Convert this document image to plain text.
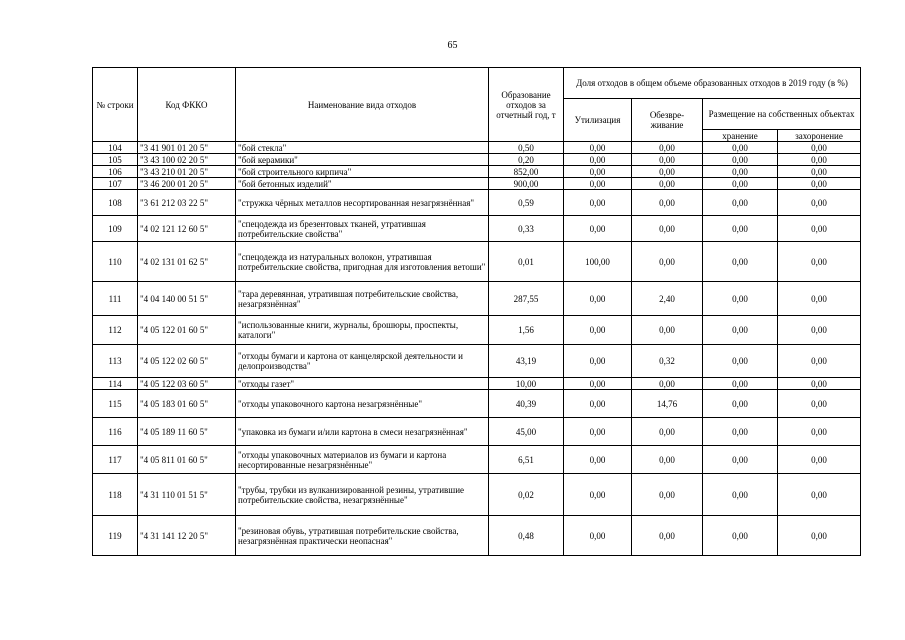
65
№ строки	Код ФККО	Наименование вида отходов	Образование отходов за отчетный год, т	Доля отходов в общем объеме образованных отходов в 2019 году (в %)			
				Утилизация	Обезвре-живание	Размещение на собственных объектах	
						хранение	захоронение
104	"3 41 901 01 20 5"	"бой стекла"	0,50	0,00	0,00	0,00	0,00
105	"3 43 100 02 20 5"	"бой керамики"	0,20	0,00	0,00	0,00	0,00
106	"3 43 210 01 20 5"	"бой строительного кирпича"	852,00	0,00	0,00	0,00	0,00
107	"3 46 200 01 20 5"	"бой бетонных изделий"	900,00	0,00	0,00	0,00	0,00
108	"3 61 212 03 22 5"	"стружка чёрных металлов несортированная незагрязнённая"	0,59	0,00	0,00	0,00	0,00
109	"4 02 121 12 60 5"	"спецодежда из брезентовых тканей, утратившая потребительские свойства"	0,33	0,00	0,00	0,00	0,00
110	"4 02 131 01 62 5"	"спецодежда из натуральных волокон, утратившая потребительские свойства, пригодная для изготовления ветоши"	0,01	100,00	0,00	0,00	0,00
111	"4 04 140 00 51 5"	"тара деревянная, утратившая потребительские свойства, незагрязнённая"	287,55	0,00	2,40	0,00	0,00
112	"4 05 122 01 60 5"	"использованные книги, журналы, брошюры, проспекты, каталоги"	1,56	0,00	0,00	0,00	0,00
113	"4 05 122 02 60 5"	"отходы бумаги и картона от канцелярской деятельности и делопроизводства"	43,19	0,00	0,32	0,00	0,00
114	"4 05 122 03 60 5"	"отходы газет"	10,00	0,00	0,00	0,00	0,00
115	"4 05 183 01 60 5"	"отходы упаковочного картона незагрязнённые"	40,39	0,00	14,76	0,00	0,00
116	"4 05 189 11 60 5"	"упаковка из бумаги и/или картона в смеси незагрязнённая"	45,00	0,00	0,00	0,00	0,00
117	"4 05 811 01 60 5"	"отходы упаковочных материалов из бумаги и картона несортированные незагрязнённые"	6,51	0,00	0,00	0,00	0,00
118	"4 31 110 01 51 5"	"трубы, трубки из вулканизированной резины, утратившие потребительские свойства, незагрязнённые"	0,02	0,00	0,00	0,00	0,00
119	"4 31 141 12 20 5"	"резиновая обувь, утратившая потребительские свойства, незагрязнённая практически неопасная"	0,48	0,00	0,00	0,00	0,00
